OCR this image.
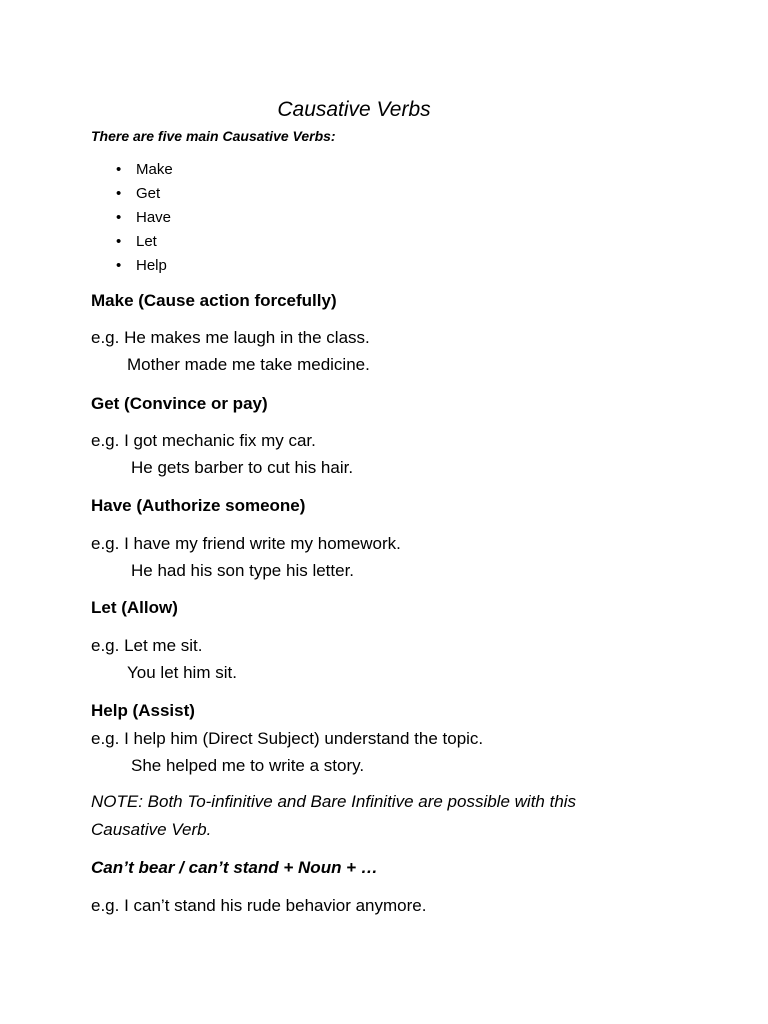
Causative Verbs
There are five main Causative Verbs:
• Make
• Get
• Have
• Let
• Help
Make (Cause action forcefully)
e.g. He makes me laugh in the class.
Mother made me take medicine.
Get (Convince or pay)
e.g. I got mechanic fix my car.
He gets barber to cut his hair.
Have (Authorize someone)
e.g. I have my friend write my homework.
He had his son type his letter.
Let (Allow)
e.g. Let me sit.
You let him sit.
Help (Assist)
e.g. I help him (Direct Subject) understand the topic.
She helped me to write a story.
NOTE: Both To-infinitive and Bare Infinitive are possible with this Causative Verb.
Can’t bear / can’t stand + Noun + …
e.g. I can’t stand his rude behavior anymore.
